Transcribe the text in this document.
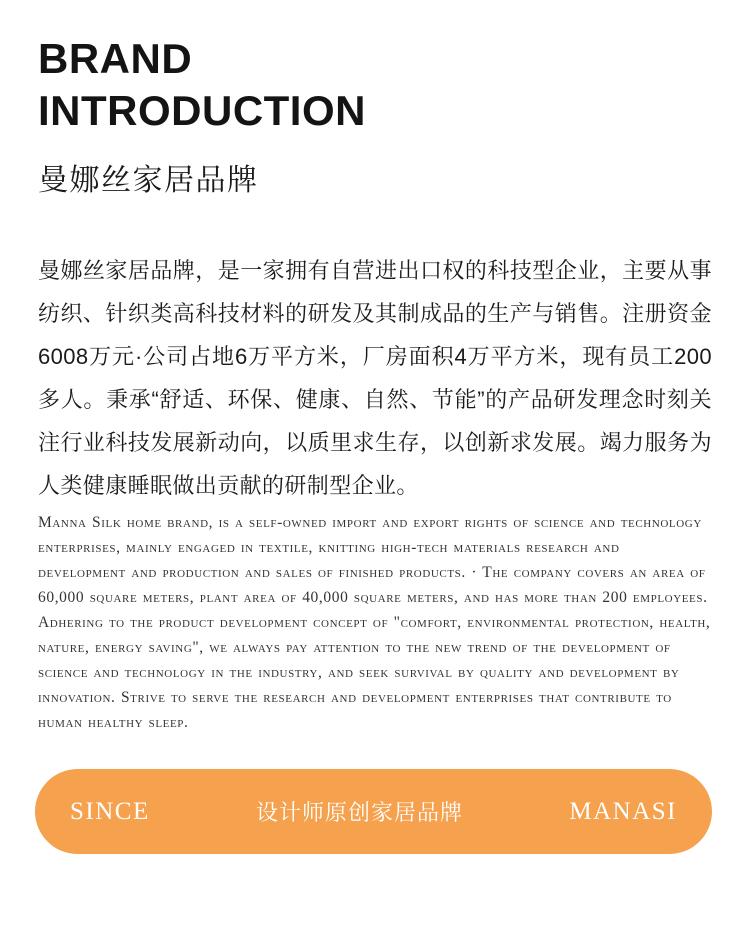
BRAND
INTRODUCTION
曼娜丝家居品牌

曼娜丝家居品牌，是一家拥有自营进出口权的科技型企业，主要从事纺织、针织类高科技材料的研发及其制成品的生产与销售。注册资金6008万元·公司占地6万平方米，厂房面积4万平方米，现有员工200多人。秉承“舒适、环保、健康、自然、节能”的产品研发理念时刻关注行业科技发展新动向，以质里求生存，以创新求发展。竭力服务为人类健康睡眠做出贡献的研制型企业。

Manna Silk home brand, is a self-owned import and export rights of science and technology enterprises, mainly engaged in textile, knitting high-tech materials research and development and production and sales of finished products. · The company covers an area of 60,000 square meters, plant area of 40,000 square meters, and has more than 200 employees. Adhering to the product development concept of "comfort, environmental protection, health, nature, energy saving", we always pay attention to the new trend of the development of science and technology in the industry, and seek survival by quality and development by innovation. Strive to serve the research and development enterprises that contribute to human healthy sleep.

SINCE	设计师原创家居品牌	MANASI
